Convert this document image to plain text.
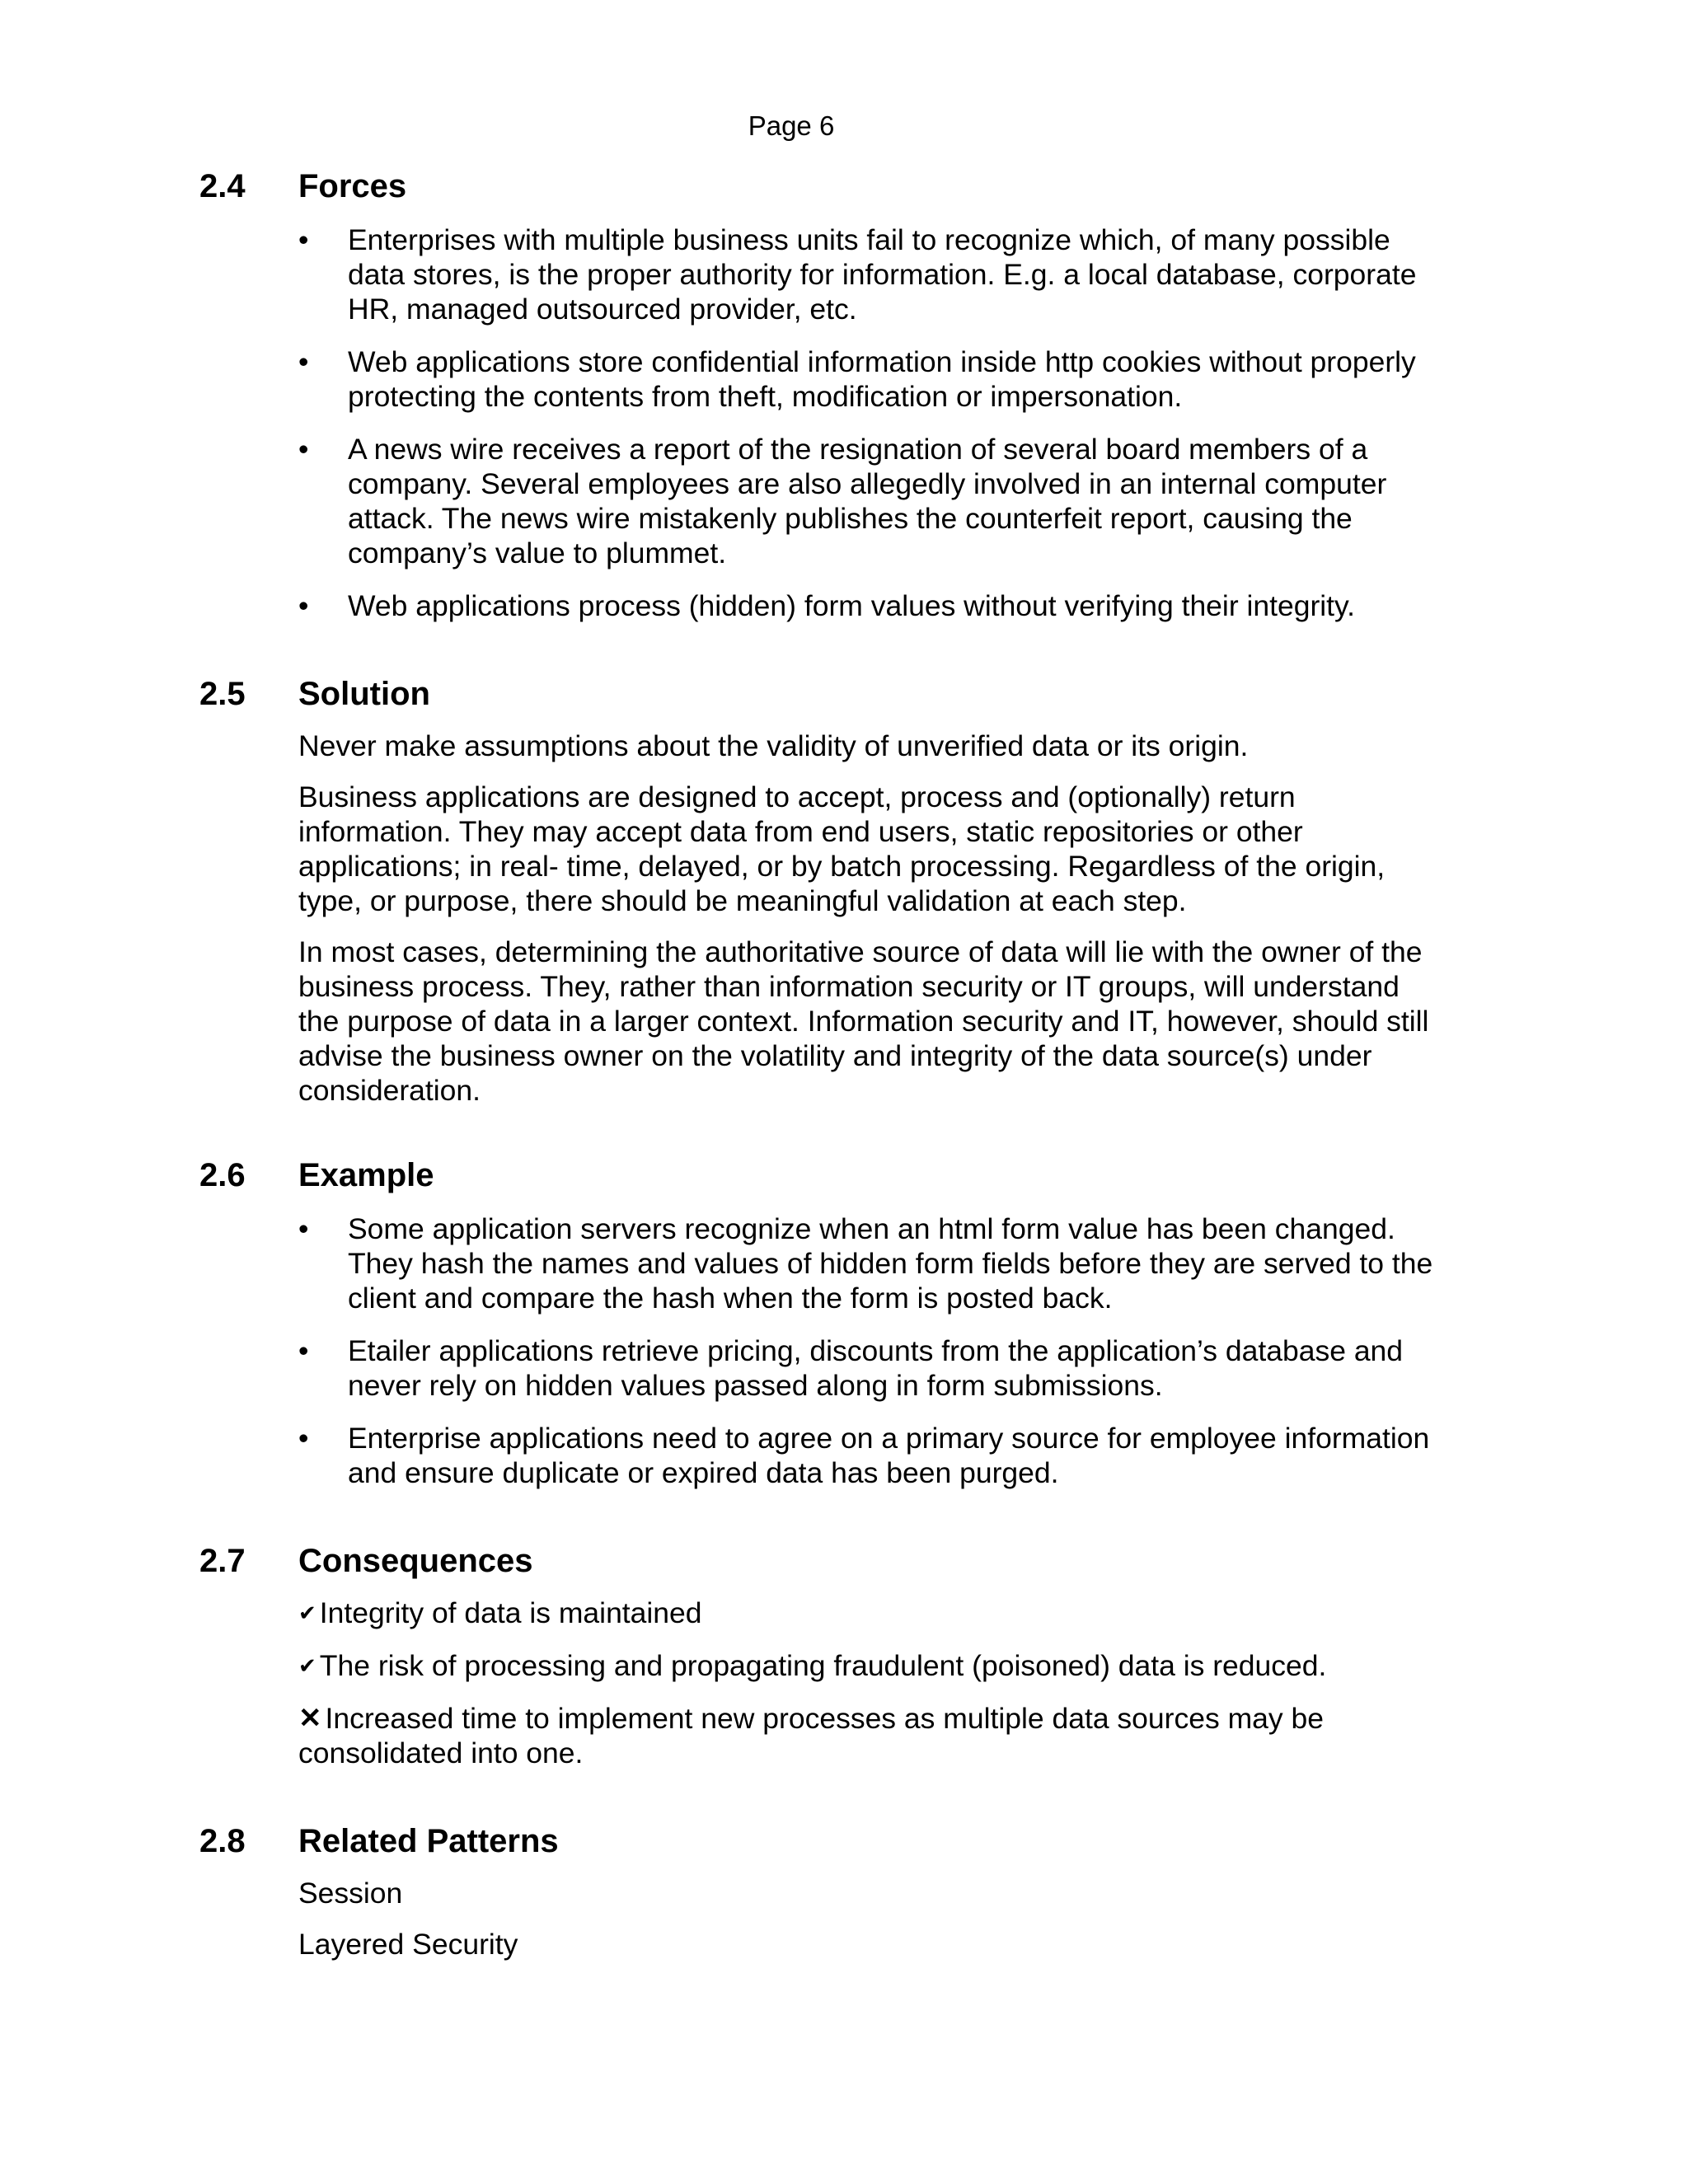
Page 6
2.4	Forces
•	Enterprises with multiple business units fail to recognize which, of many possible
data stores, is the proper authority for information. E.g. a local database, corporate
HR, managed outsourced provider, etc.
•	Web applications store confidential information inside http cookies without properly
protecting the contents from theft, modification or impersonation.
•	A news wire receives a report of the resignation of several board members of a
company. Several employees are also allegedly involved in an internal computer
attack. The news wire mistakenly publishes the counterfeit report, causing the
company’s value to plummet.
•	Web applications process (hidden) form values without verifying their integrity.
2.5	Solution
Never make assumptions about the validity of unverified data or its origin.
Business applications are designed to accept, process and (optionally) return
information. They may accept data from end users, static repositories or other
applications; in real- time, delayed, or by batch processing. Regardless of the origin,
type, or purpose, there should be meaningful validation at each step.
In most cases, determining the authoritative source of data will lie with the owner of the
business process. They, rather than information security or IT groups, will understand
the purpose of data in a larger context. Information security and IT, however, should still
advise the business owner on the volatility and integrity of the data source(s) under
consideration.
2.6	Example
•	Some application servers recognize when an html form value has been changed.
They hash the names and values of hidden form fields before they are served to the
client and compare the hash when the form is posted back.
•	Etailer applications retrieve pricing, discounts from the application’s database and
never rely on hidden values passed along in form submissions.
•	Enterprise applications need to agree on a primary source for employee information
and ensure duplicate or expired data has been purged.
2.7	Consequences
✔ Integrity of data is maintained
✔ The risk of processing and propagating fraudulent (poisoned) data is reduced.
✕ Increased time to implement new processes as multiple data sources may be
consolidated into one.
2.8	Related Patterns
Session
Layered Security
